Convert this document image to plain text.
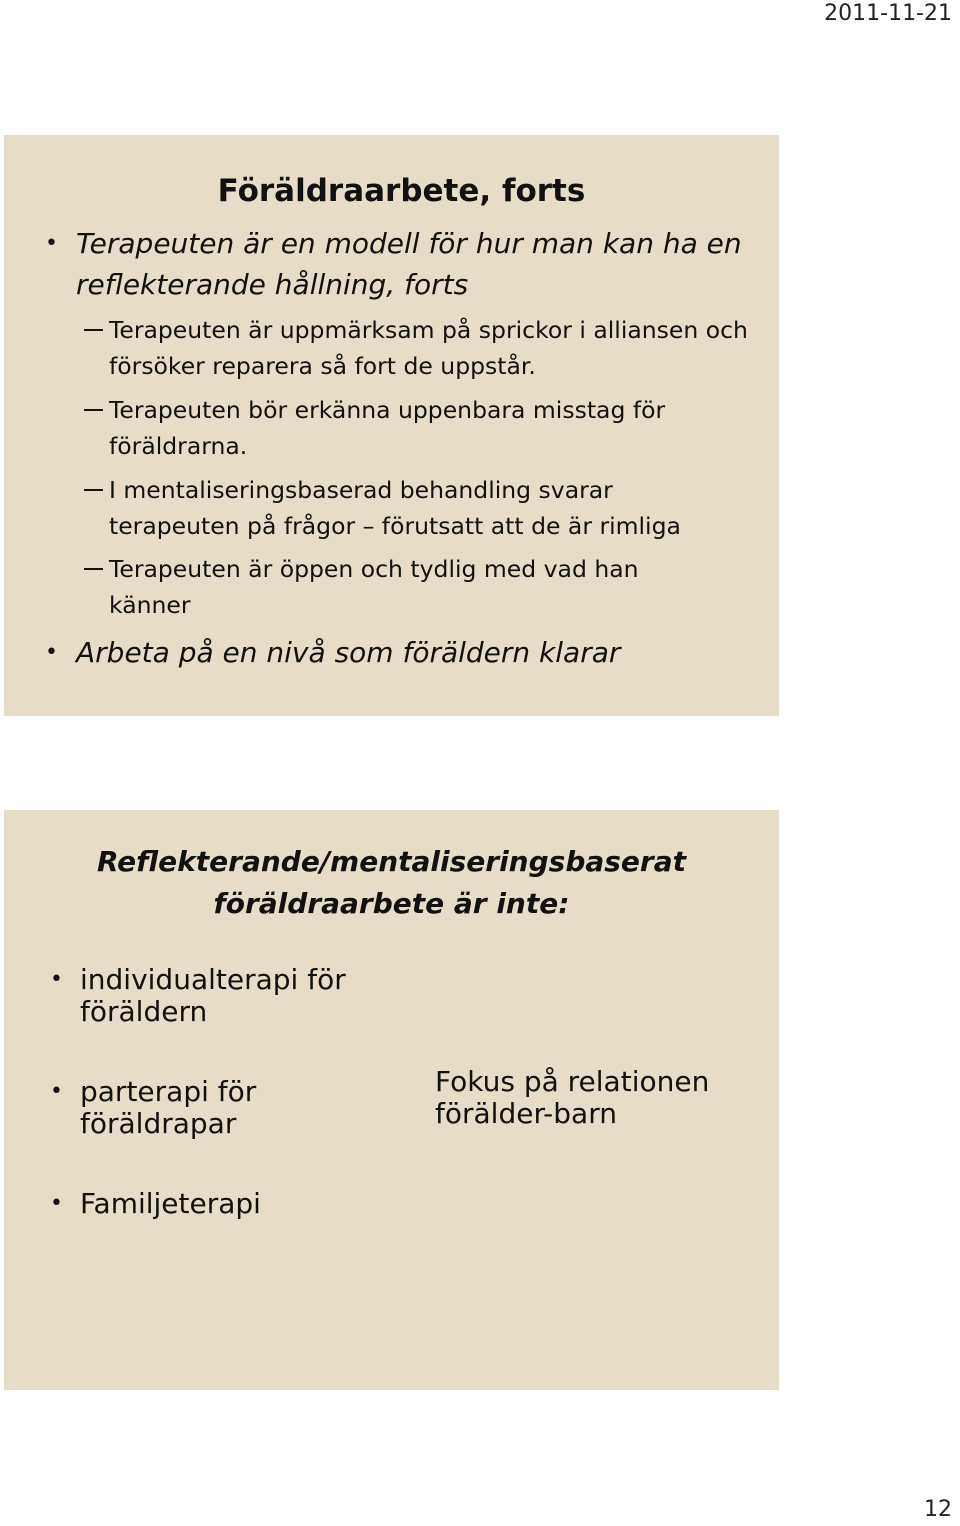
2011-11-21
Föräldraarbete, forts
• Terapeuten är en modell för hur man kan ha en reflekterande hållning, forts
Terapeuten är uppmärksam på sprickor i alliansen och försöker reparera så fort de uppstår.
Terapeuten bör erkänna uppenbara misstag för föräldrarna.
I mentaliseringsbaserad behandling svarar terapeuten på frågor – förutsatt att de är rimliga
Terapeuten är öppen och tydlig med vad han känner
• Arbeta på en nivå som föräldern klarar
Reflekterande/mentaliseringsbaserat föräldraarbete är inte:
• individualterapi för föräldern
• parterapi för föräldrapar
• Familjeterapi
Fokus på relationen förälder-barn
12
